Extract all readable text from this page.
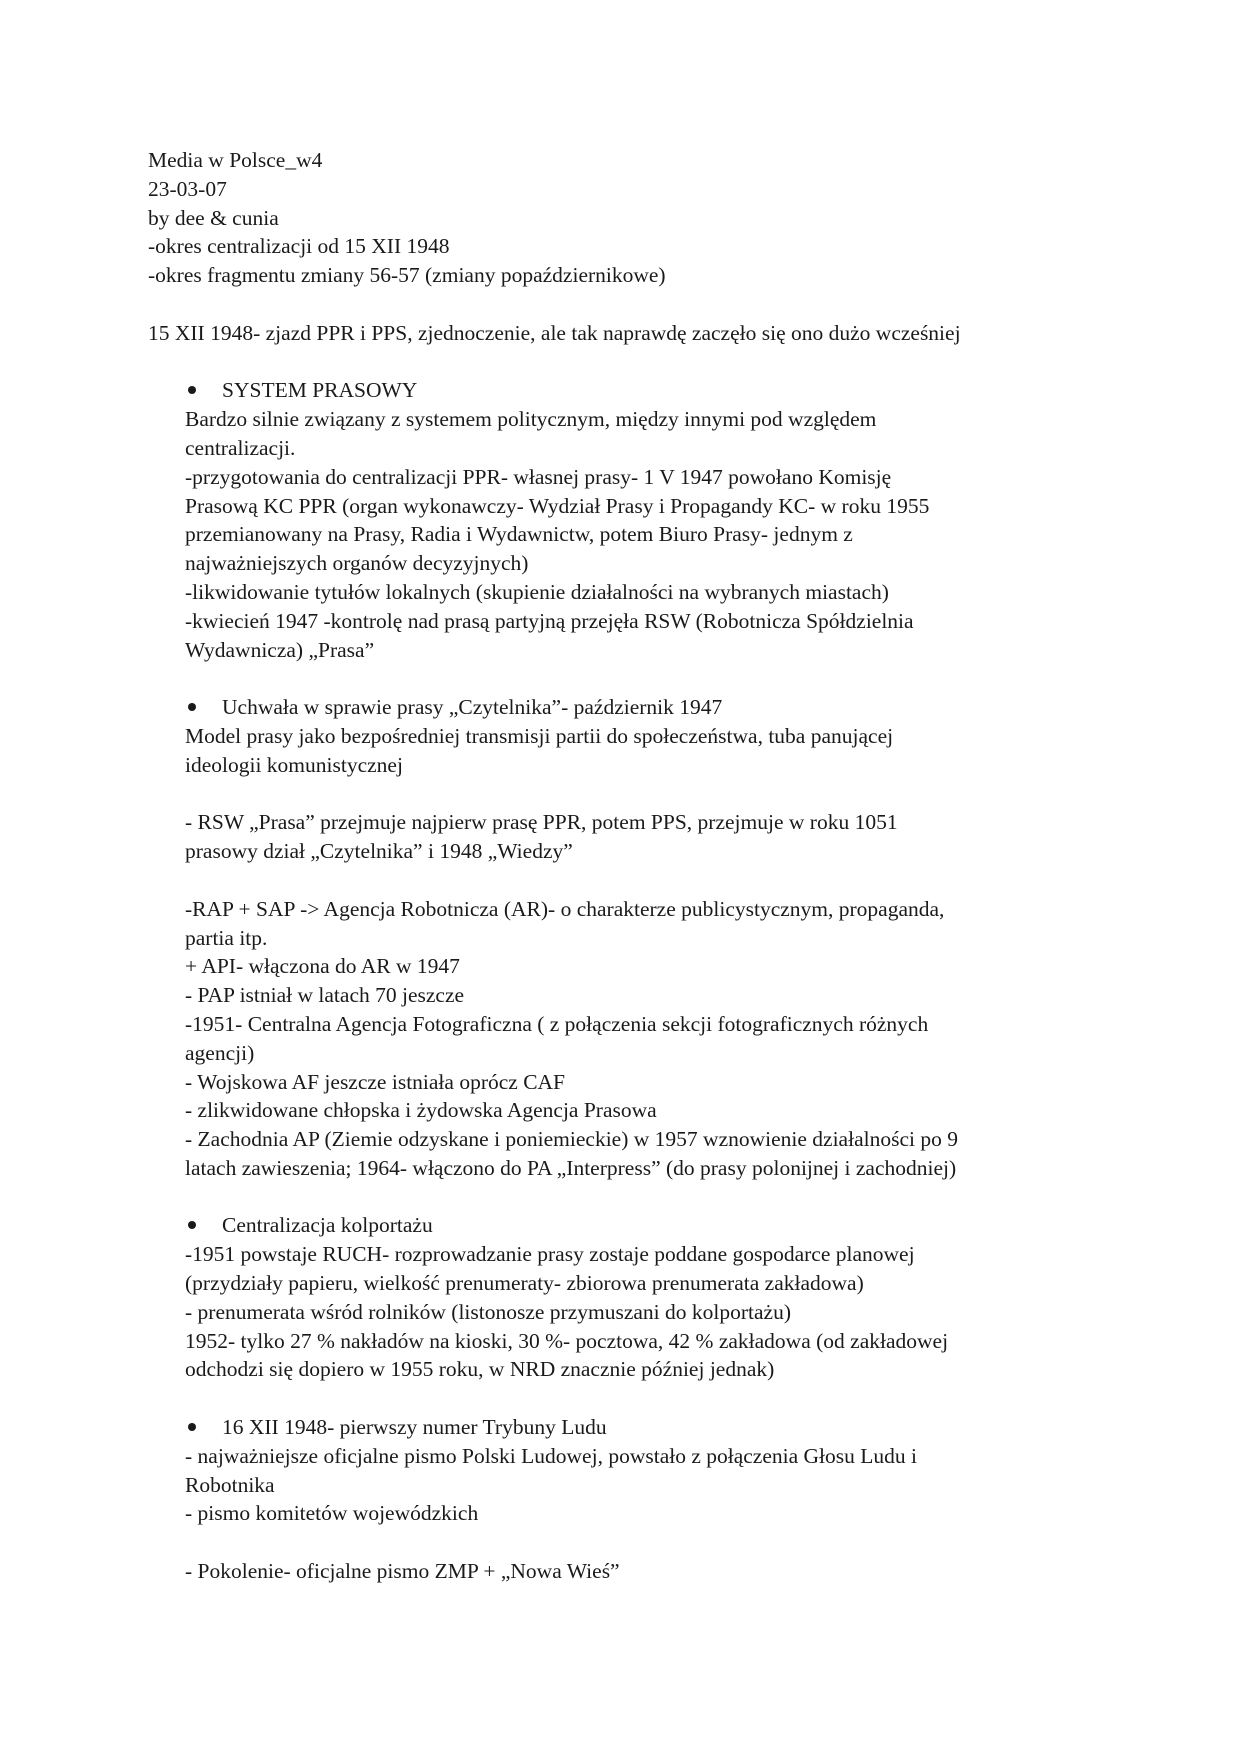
Media w Polsce_w4
23-03-07
by dee & cunia
-okres centralizacji od 15 XII 1948
-okres fragmentu zmiany 56-57 (zmiany popaździernikowe)
15 XII 1948- zjazd PPR i PPS, zjednoczenie, ale tak naprawdę zaczęło się ono dużo wcześniej
SYSTEM PRASOWY
Bardzo silnie związany z systemem politycznym, między innymi pod względem
centralizacji.
-przygotowania do centralizacji PPR- własnej prasy- 1 V 1947 powołano Komisję
Prasową KC PPR (organ wykonawczy- Wydział Prasy i Propagandy KC- w roku 1955
przemianowany na Prasy, Radia i Wydawnictw, potem Biuro Prasy- jednym z
najważniejszych organów decyzyjnych)
-likwidowanie tytułów lokalnych (skupienie działalności na wybranych miastach)
-kwiecień 1947 -kontrolę nad prasą partyjną przejęła RSW (Robotnicza Spółdzielnia
Wydawnicza) „Prasa”
Uchwała w sprawie prasy „Czytelnika”- październik 1947
Model prasy jako bezpośredniej transmisji partii do społeczeństwa, tuba panującej
ideologii komunistycznej
- RSW „Prasa” przejmuje najpierw prasę PPR, potem PPS, przejmuje w roku 1051
prasowy dział „Czytelnika” i 1948 „Wiedzy”
-RAP + SAP -> Agencja Robotnicza (AR)- o charakterze publicystycznym, propaganda,
partia itp.
+ API- włączona do AR w 1947
- PAP istniał w latach 70 jeszcze
-1951- Centralna Agencja Fotograficzna ( z połączenia sekcji fotograficznych różnych
agencji)
- Wojskowa AF jeszcze istniała oprócz CAF
- zlikwidowane chłopska i żydowska Agencja Prasowa
- Zachodnia AP (Ziemie odzyskane i poniemieckie) w 1957 wznowienie działalności po 9
latach zawieszenia; 1964- włączono do PA „Interpress” (do prasy polonijnej i zachodniej)
Centralizacja kolportażu
-1951 powstaje RUCH- rozprowadzanie prasy zostaje poddane gospodarce planowej
(przydziały papieru, wielkość prenumeraty- zbiorowa prenumerata zakładowa)
- prenumerata wśród rolników (listonosze przymuszani do kolportażu)
1952- tylko 27 % nakładów na kioski, 30 %- pocztowa, 42 % zakładowa (od zakładowej
odchodzi się dopiero w 1955 roku, w NRD znacznie później jednak)
16 XII 1948- pierwszy numer Trybuny Ludu
- najważniejsze oficjalne pismo Polski Ludowej, powstało z połączenia Głosu Ludu i
Robotnika
- pismo komitetów wojewódzkich
- Pokolenie- oficjalne pismo ZMP + „Nowa Wieś”
